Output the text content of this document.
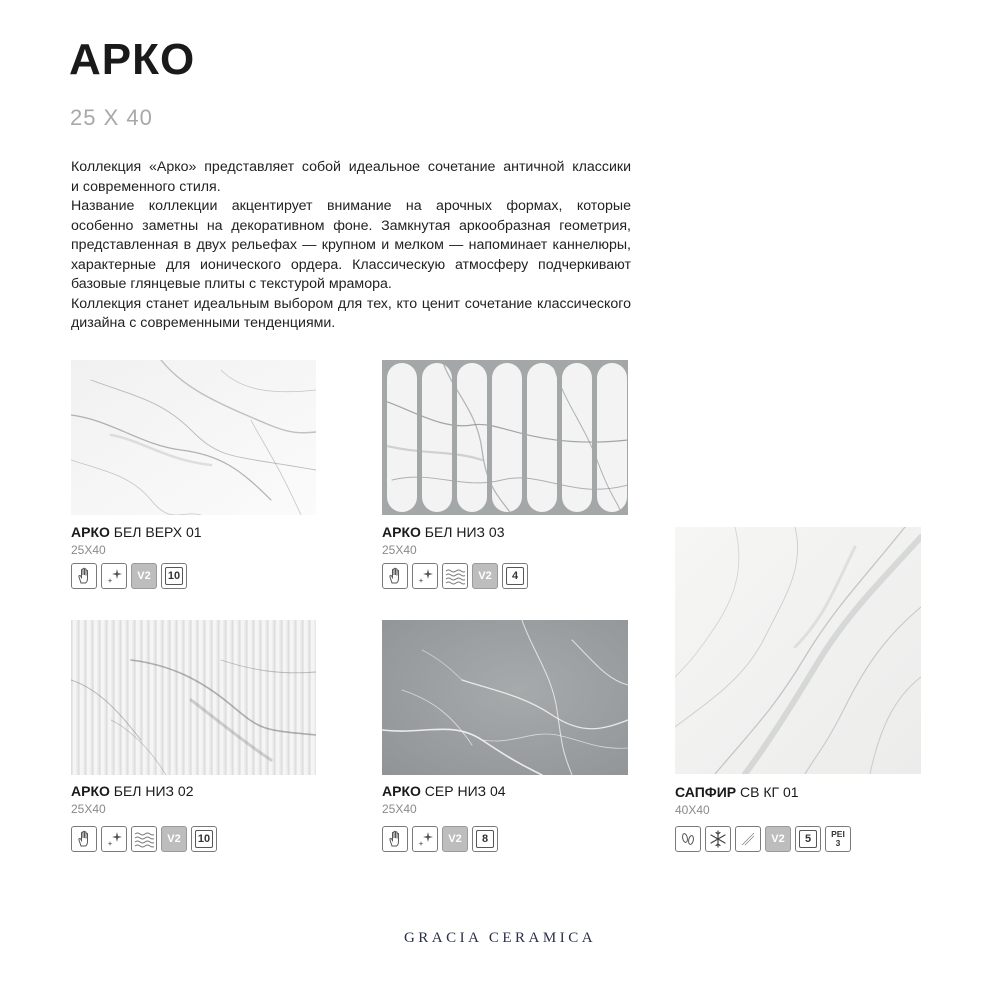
АРКО
25 X 40

Коллекция «Арко» представляет собой идеальное сочетание античной классики

и современного стиля.

Название коллекции акцентирует внимание на арочных формах, которые

особенно заметны на декоративном фоне. Замкнутая аркообразная геометрия,

представленная в двух рельефах — крупном и мелком — напоминает каннелюры,

характерные для ионического ордера. Классическую атмосферу подчеркивают

базовые глянцевые плиты с текстурой мрамора.

Коллекция станет идеальным выбором для тех, кто ценит сочетание классического

дизайна с современными тенденциями.

АРКО БЕЛ ВЕРХ 01
25X40
V2	10
АРКО БЕЛ НИЗ 03
25X40
V2	4
АРКО БЕЛ НИЗ 02
25X40
V2	10
АРКО СЕР НИЗ 04
25X40
V2	8
САПФИР СВ КГ 01
40X40
V2	5	PEI
3
GRACIA CERAMICA
